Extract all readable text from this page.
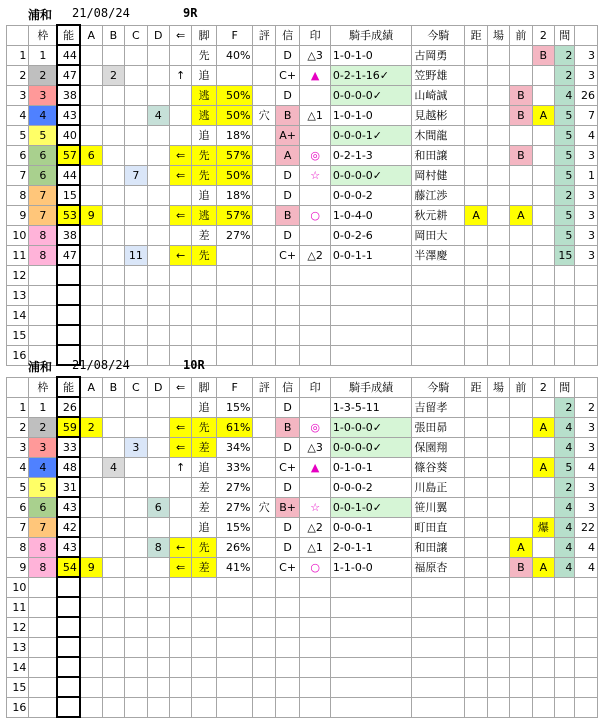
浦和 21/08/24	9R
	枠	能	A	B	C	D	⇐	脚	F	評	信	印	騎手成績	今騎	距	場	前	2	間	
1	1	44						先	40%		D	△3	1-0-1-0	古岡勇				B	2	3
2	2	47		2			↑	追			C+	▲	0-2-1-16✓	笠野雄					2	3
3	3	38						逃	50%		D		0-0-0-0✓	山崎誠			B		4	26
4	4	43				4		逃	50%	穴	B	△1	1-0-1-0	見越彬			B	A	5	7
5	5	40						追	18%		A+		0-0-0-1✓	木間龍					5	4
6	6	57	6				⇐	先	57%		A	◎	0-2-1-3	和田譲			B		5	3
7	6	44			7		⇐	先	50%		D	☆	0-0-0-0✓	岡村健					5	1
8	7	15						追	18%		D		0-0-0-2	藤江渉					2	3
9	7	53	9				⇐	逃	57%		B	○	1-0-4-0	秋元耕	A		A		5	3
10	8	38						差	27%		D		0-0-2-6	岡田大					5	3
11	8	47			11		←	先			C+	△2	0-0-1-1	半澤慶					15	3
12																				
13																				
14																				
15																				
16																				
浦和 21/08/24	10R
	枠	能	A	B	C	D	⇐	脚	F	評	信	印	騎手成績	今騎	距	場	前	2	間	
1	1	26						追	15%		D		1-3-5-11	吉留孝					2	2
2	2	59	2				⇐	先	61%		B	◎	1-0-0-0✓	張田昴				A	4	3
3	3	33			3		⇐	差	34%		D	△3	0-0-0-0✓	保園翔					4	3
4	4	48		4			↑	追	33%		C+	▲	0-1-0-1	篠谷葵				A	5	4
5	5	31						差	27%		D		0-0-0-2	川島正					2	3
6	6	43				6		差	27%	穴	B+	☆	0-0-1-0✓	笹川翼					4	3
7	7	42						追	15%		D	△2	0-0-0-1	町田直				爆	4	22
8	8	43				8	←	先	26%		D	△1	2-0-1-1	和田譲			A		4	4
9	8	54	9				⇐	差	41%		C+	○	1-1-0-0	福原杏			B	A	4	4
10																				
11																				
12																				
13																				
14																				
15																				
16																				
